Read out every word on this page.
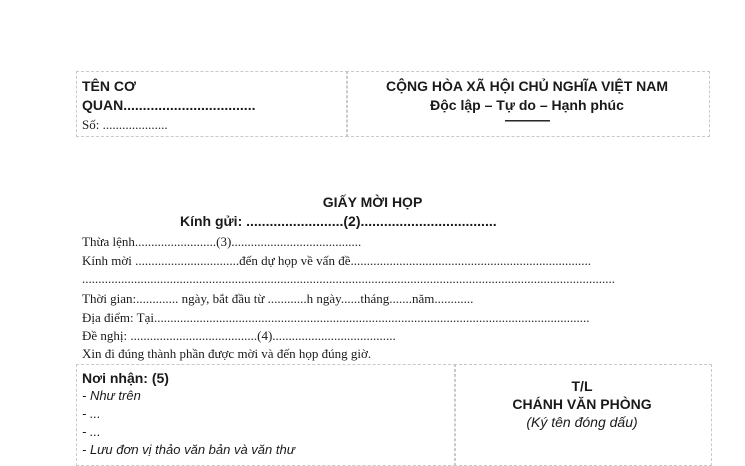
TÊN CƠ
QUAN..................................
Số: ....................
CỘNG HÒA XÃ HỘI CHỦ NGHĨA VIỆT NAM
Độc lập – Tự do – Hạnh phúc
---------------
GIẤY MỜI HỌP
Kính gửi: .........................(2)...................................
Thừa lệnh.........................(3)........................................
Kính mời ................................đến dự họp về vấn đề..........................................................................
....................................................................................................................................................................
Thời gian:............. ngày, bắt đầu từ ............h ngày......tháng.......năm............
Địa điểm: Tại......................................................................................................................................
Đề nghị: .......................................(4)......................................
Xin đi đúng thành phần được mời và đến họp đúng giờ.
Nơi nhận: (5)
- Như trên
- ...
- ...
- Lưu đơn vị thảo văn bản và văn thư
T/L
CHÁNH VĂN PHÒNG
(Ký tên đóng dấu)
